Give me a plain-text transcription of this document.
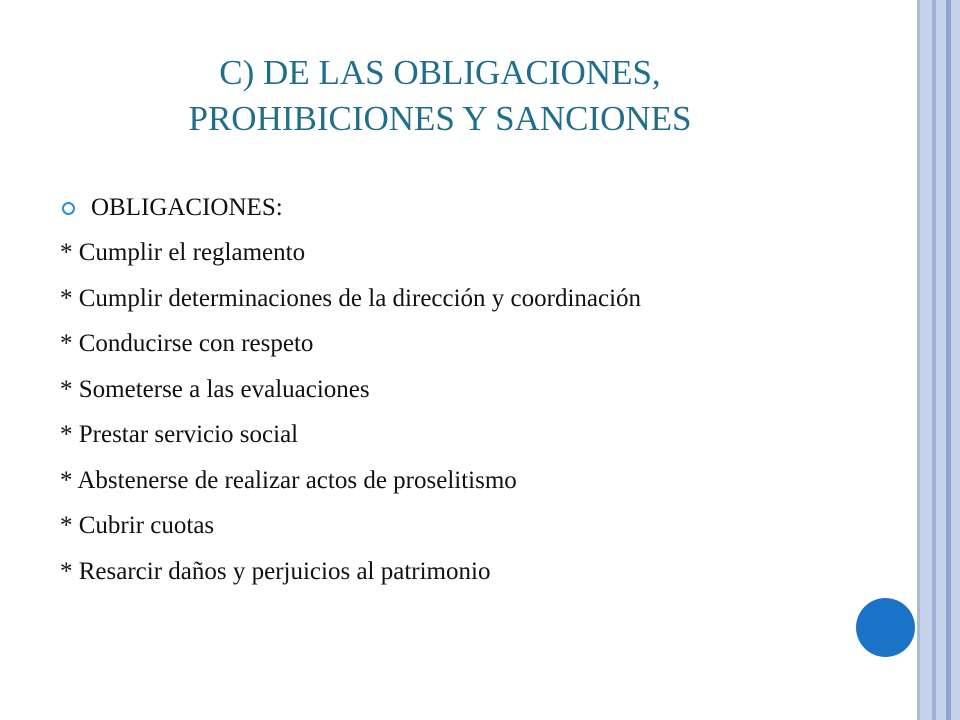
C) DE LAS OBLIGACIONES,
PROHIBICIONES Y SANCIONES
OBLIGACIONES:
* Cumplir el reglamento
* Cumplir determinaciones de la dirección y coordinación
* Conducirse con respeto
* Someterse a las evaluaciones
* Prestar servicio social
* Abstenerse de realizar actos de proselitismo
* Cubrir cuotas
* Resarcir daños y perjuicios al patrimonio
